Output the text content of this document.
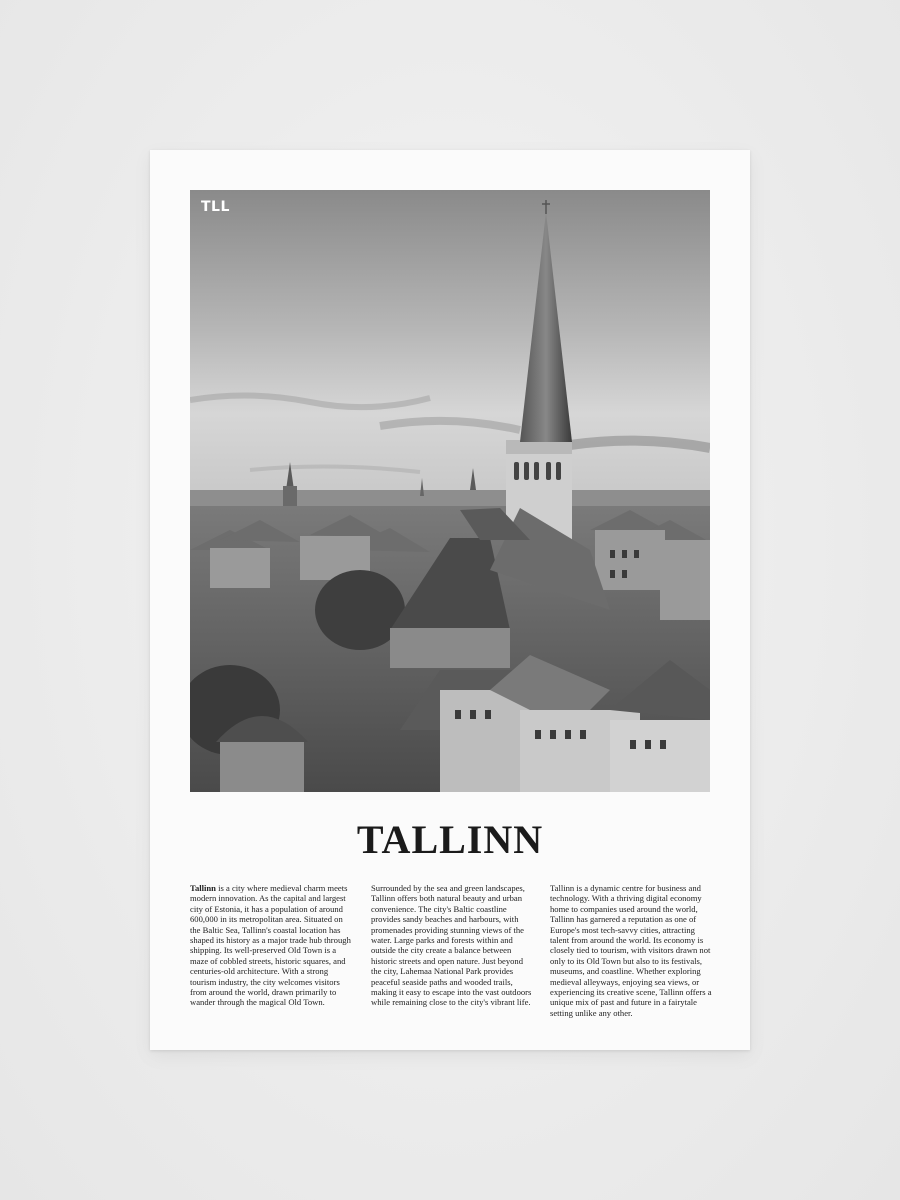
TLL
TALLINN
Tallinn is a city where medieval charm meets modern innovation. As the capital and largest city of Estonia, it has a population of around 600,000 in its metropolitan area. Situated on the Baltic Sea, Tallinn's coastal location has shaped its history as a major trade hub through shipping. Its well-preserved Old Town is a maze of cobbled streets, historic squares, and centuries-old architecture. With a strong tourism industry, the city welcomes visitors from around the world, drawn primarily to wander through the magical Old Town.
Surrounded by the sea and green landscapes, Tallinn offers both natural beauty and urban convenience. The city's Baltic coastline provides sandy beaches and harbours, with promenades providing stunning views of the water. Large parks and forests within and outside the city create a balance between historic streets and open nature. Just beyond the city, Lahemaa National Park provides peaceful seaside paths and wooded trails, making it easy to escape into the vast outdoors while remaining close to the city's vibrant life.
Tallinn is a dynamic centre for business and technology. With a thriving digital economy home to companies used around the world, Tallinn has garnered a reputation as one of Europe's most tech-savvy cities, attracting talent from around the world. Its economy is closely tied to tourism, with visitors drawn not only to its Old Town but also to its festivals, museums, and coastline. Whether exploring medieval alleyways, enjoying sea views, or experiencing its creative scene, Tallinn offers a unique mix of past and future in a fairytale setting unlike any other.
